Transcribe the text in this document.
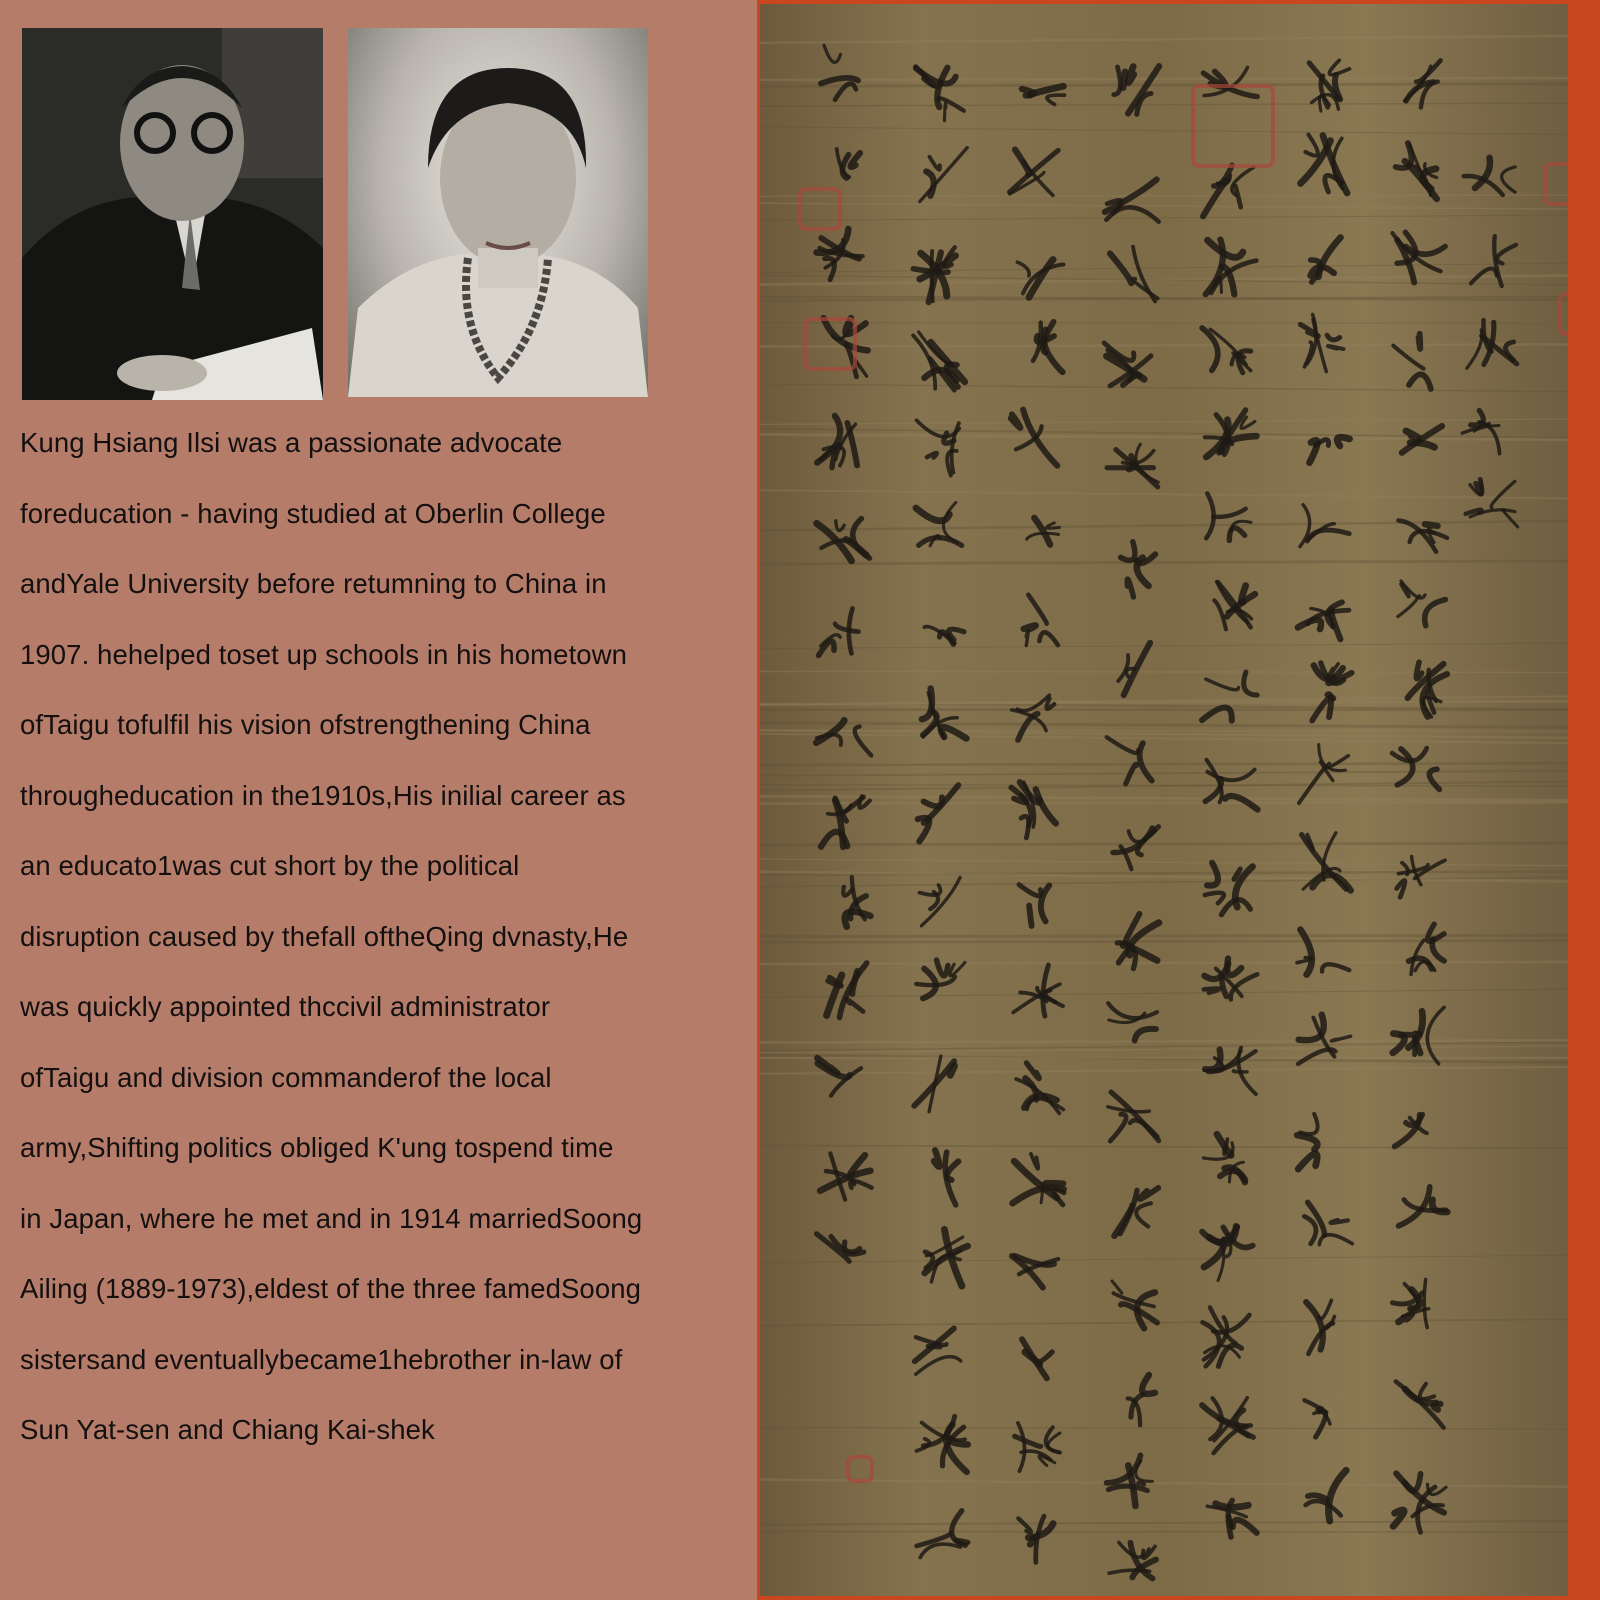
Kung Hsiang Ilsi was a passionate advocate
foreducation - having studied at Oberlin College
andYale University before retumning to China in
1907. hehelped toset up schools in his hometown
ofTaigu tofulfil his vision ofstrengthening China
througheducation in the1910s,His inilial career as
an educato1was cut short by the political
disruption caused by thefall oftheQing dvnasty,He
was quickly appointed thccivil administrator
ofTaigu and division commanderof the local
army,Shifting politics obliged K'ung tospend time
in Japan, where he met and in 1914 marriedSoong
Ailing (1889-1973),eldest of the three famedSoong
sistersand eventuallybecame1hebrother in-law of
Sun Yat-sen and Chiang Kai-shek
